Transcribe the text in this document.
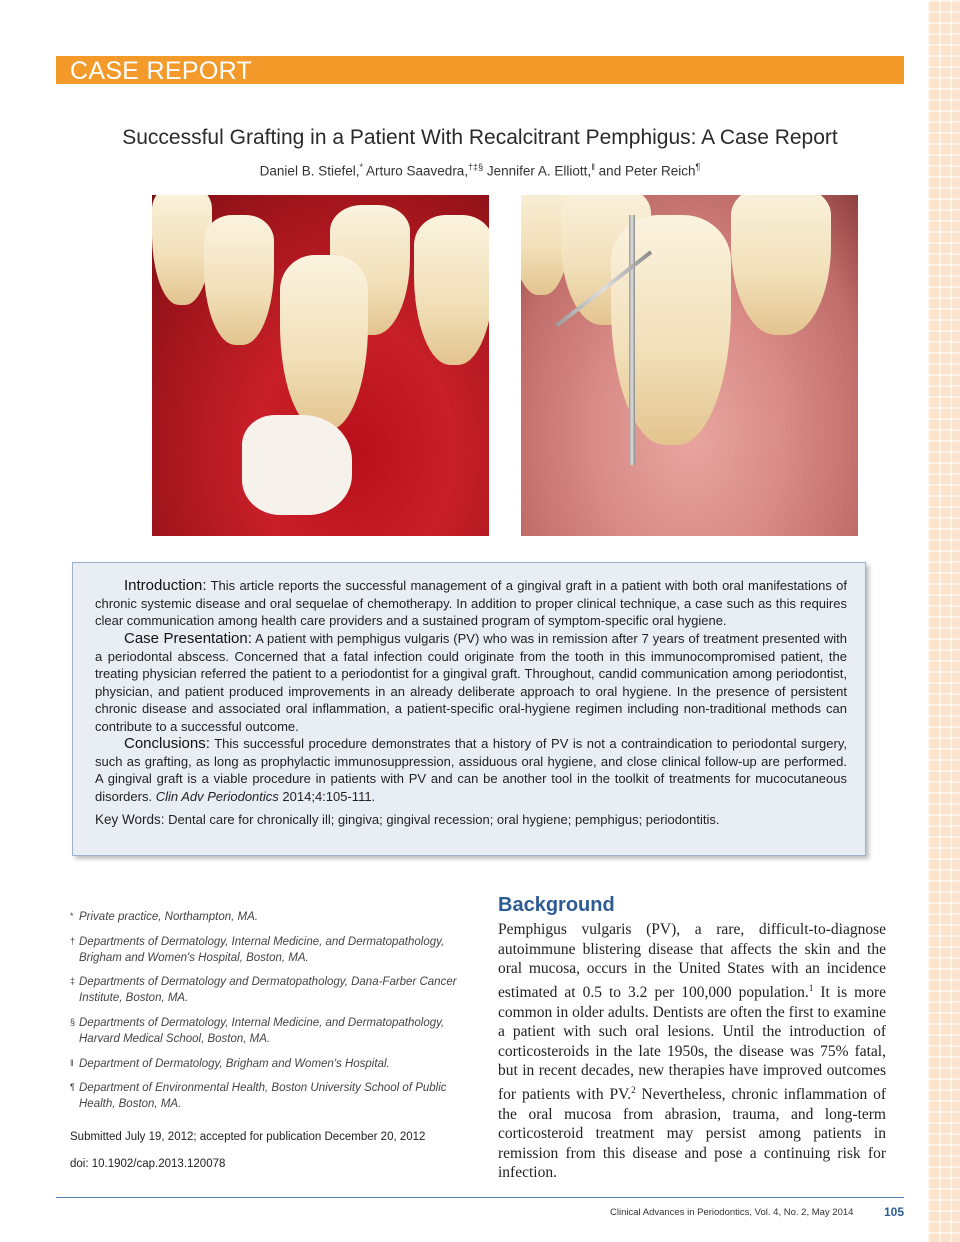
CASE REPORT
Successful Grafting in a Patient With Recalcitrant Pemphigus: A Case Report
Daniel B. Stiefel,* Arturo Saavedra,†‡§ Jennifer A. Elliott,‖ and Peter Reich¶

Introduction: This article reports the successful management of a gingival graft in a patient with both oral manifestations of chronic systemic disease and oral sequelae of chemotherapy. In addition to proper clinical technique, a case such as this requires clear communication among health care providers and a sustained program of symptom-specific oral hygiene.

Case Presentation: A patient with pemphigus vulgaris (PV) who was in remission after 7 years of treatment presented with a periodontal abscess. Concerned that a fatal infection could originate from the tooth in this immunocompromised patient, the treating physician referred the patient to a periodontist for a gingival graft. Throughout, candid communication among periodontist, physician, and patient produced improvements in an already deliberate approach to oral hygiene. In the presence of persistent chronic disease and associated oral inflammation, a patient-specific oral-hygiene regimen including non-traditional methods can contribute to a successful outcome.

Conclusions: This successful procedure demonstrates that a history of PV is not a contraindication to periodontal surgery, such as grafting, as long as prophylactic immunosuppression, assiduous oral hygiene, and close clinical follow-up are performed. A gingival graft is a viable procedure in patients with PV and can be another tool in the toolkit of treatments for mucocutaneous disorders. Clin Adv Periodontics 2014;4:105-111.

Key Words: Dental care for chronically ill; gingiva; gingival recession; oral hygiene; pemphigus; periodontitis.
* Private practice, Northampton, MA.
† Departments of Dermatology, Internal Medicine, and Dermatopathology, Brigham and Women's Hospital, Boston, MA.
‡ Departments of Dermatology and Dermatopathology, Dana-Farber Cancer Institute, Boston, MA.
§ Departments of Dermatology, Internal Medicine, and Dermatopathology, Harvard Medical School, Boston, MA.
‖ Department of Dermatology, Brigham and Women's Hospital.
¶ Department of Environmental Health, Boston University School of Public Health, Boston, MA.
Submitted July 19, 2012; accepted for publication December 20, 2012
doi: 10.1902/cap.2013.120078
Background

Pemphigus vulgaris (PV), a rare, difficult-to-diagnose autoimmune blistering disease that affects the skin and the oral mucosa, occurs in the United States with an incidence estimated at 0.5 to 3.2 per 100,000 population.$^1$ It is more common in older adults. Dentists are often the first to examine a patient with such oral lesions. Until the introduction of corticosteroids in the late 1950s, the disease was 75% fatal, but in recent decades, new therapies have improved outcomes for patients with PV.$^2$ Nevertheless, chronic inflammation of the oral mucosa from abrasion, trauma, and long-term corticosteroid treatment may persist among patients in remission from this disease and pose a continuing risk for infection.

Clinical Advances in Periodontics, Vol. 4, No. 2, May 2014	105
